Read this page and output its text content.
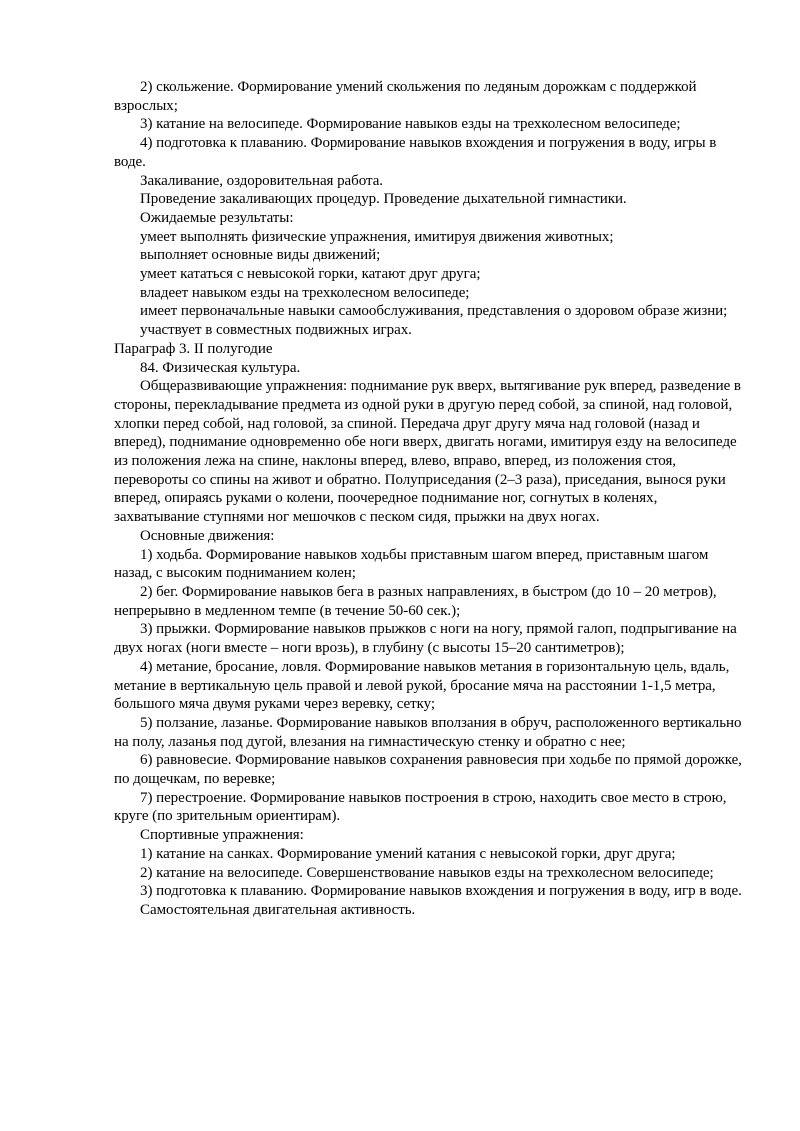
2) скольжение. Формирование умений скольжения по ледяным дорожкам с поддержкой взрослых;

3) катание на велосипеде. Формирование навыков езды на трехколесном велосипеде;

4) подготовка к плаванию. Формирование навыков вхождения и погружения в воду, игры в воде.

Закаливание, оздоровительная работа.

Проведение закаливающих процедур. Проведение дыхательной гимнастики.

Ожидаемые результаты:

умеет выполнять физические упражнения, имитируя движения животных;

выполняет основные виды движений;

умеет кататься с невысокой горки, катают друг друга;

владеет навыком езды на трехколесном велосипеде;

имеет первоначальные навыки самообслуживания, представления о здоровом образе жизни;

участвует в совместных подвижных играх.

Параграф 3. II полугодие

84. Физическая культура.

Общеразвивающие упражнения: поднимание рук вверх, вытягивание рук вперед, разведение в стороны, перекладывание предмета из одной руки в другую перед собой, за спиной, над головой, хлопки перед собой, над головой, за спиной. Передача друг другу мяча над головой (назад и вперед), поднимание одновременно обе ноги вверх, двигать ногами, имитируя езду на велосипеде из положения лежа на спине, наклоны вперед, влево, вправо, вперед, из положения стоя, перевороты со спины на живот и обратно. Полуприседания (2–3 раза), приседания, вынося руки вперед, опираясь руками о колени, поочередное поднимание ног, согнутых в коленях, захватывание ступнями ног мешочков с песком сидя, прыжки на двух ногах.

Основные движения:

1) ходьба. Формирование навыков ходьбы приставным шагом вперед, приставным шагом назад, с высоким подниманием колен;

2) бег. Формирование навыков бега в разных направлениях, в быстром (до 10 – 20 метров), непрерывно в медленном темпе (в течение 50-60 сек.);

3) прыжки. Формирование навыков прыжков с ноги на ногу, прямой галоп, подпрыгивание на двух ногах (ноги вместе – ноги врозь), в глубину (с высоты 15–20 сантиметров);

4) метание, бросание, ловля. Формирование навыков метания в горизонтальную цель, вдаль, метание в вертикальную цель правой и левой рукой, бросание мяча на расстоянии 1-1,5 метра, большого мяча двумя руками через веревку, сетку;

5) ползание, лазанье. Формирование навыков вползания в обруч, расположенного вертикально на полу, лазанья под дугой, влезания на гимнастическую стенку и обратно с нее;

6) равновесие. Формирование навыков сохранения равновесия при ходьбе по прямой дорожке, по дощечкам, по веревке;

7) перестроение. Формирование навыков построения в строю, находить свое место в строю, круге (по зрительным ориентирам).

Спортивные упражнения:

1) катание на санках. Формирование умений катания с невысокой горки, друг друга;

2) катание на велосипеде. Совершенствование навыков езды на трехколесном велосипеде;

3) подготовка к плаванию. Формирование навыков вхождения и погружения в воду, игр в воде.

Самостоятельная двигательная активность.
